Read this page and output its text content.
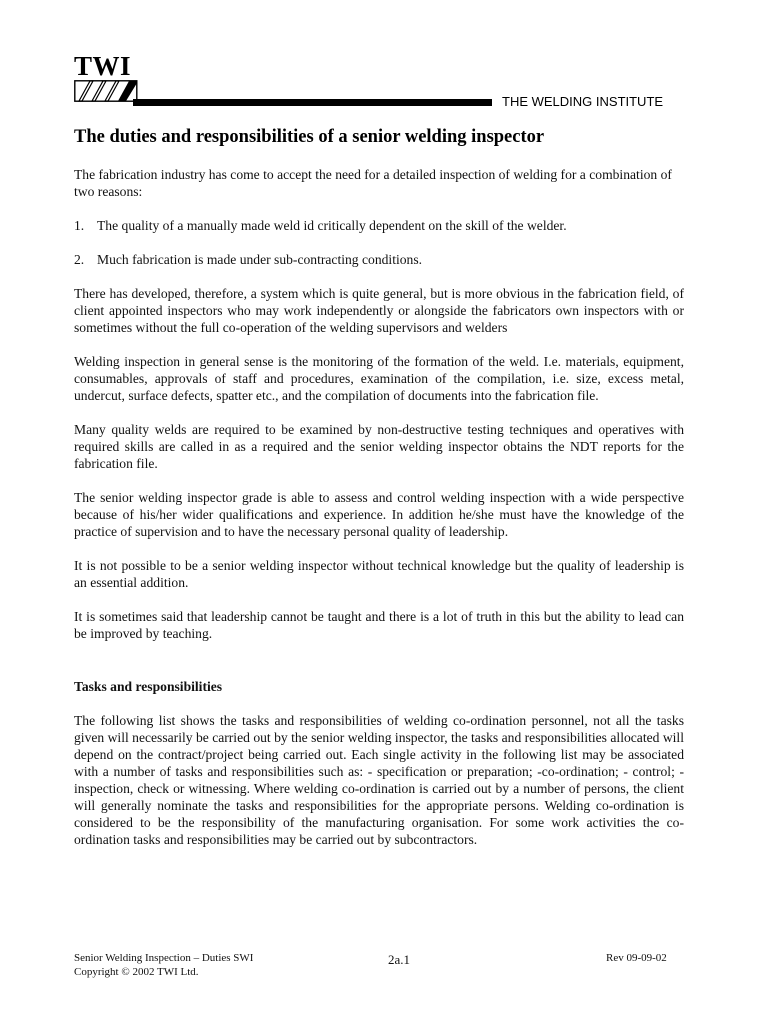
TWI
THE WELDING INSTITUTE
The duties and responsibilities of a senior welding inspector

The fabrication industry has come to accept the need for a detailed inspection of welding for a combination of two reasons:

1. The quality of a manually made weld id critically dependent on the skill of the welder.
2. Much fabrication is made under sub-contracting conditions.

There has developed, therefore, a system which is quite general, but is more obvious in the fabrication field, of client appointed inspectors who may work independently or alongside the fabricators own inspectors with or sometimes without the full co-operation of the welding supervisors and welders

Welding inspection in general sense is the monitoring of the formation of the weld. I.e. materials, equipment, consumables, approvals of staff and procedures, examination of the compilation, i.e. size, excess metal, undercut, surface defects, spatter etc., and the compilation of documents into the fabrication file.

Many quality welds are required to be examined by non-destructive testing techniques and operatives with required skills are called in as a required and the senior welding inspector obtains the NDT reports for the fabrication file.

The senior welding inspector grade is able to assess and control welding inspection with a wide perspective because of his/her wider qualifications and experience. In addition he/she must have the knowledge of the practice of supervision and to have the necessary personal quality of leadership.

It is not possible to be a senior welding inspector without technical knowledge but the quality of leadership is an essential addition.

It is sometimes said that leadership cannot be taught and there is a lot of truth in this but the ability to lead can be improved by teaching.

Tasks and responsibilities

The following list shows the tasks and responsibilities of welding co-ordination personnel, not all the tasks given will necessarily be carried out by the senior welding inspector, the tasks and responsibilities allocated will depend on the contract/project being carried out. Each single activity in the following list may be associated with a number of tasks and responsibilities such as: - specification or preparation; -co-ordination; - control; - inspection, check or witnessing. Where welding co-ordination is carried out by a number of persons, the client will generally nominate the tasks and responsibilities for the appropriate persons. Welding co-ordination is considered to be the responsibility of the manufacturing organisation. For some work activities the co-ordination tasks and responsibilities may be carried out by subcontractors.

Senior Welding Inspection – Duties SWI
Copyright © 2002 TWI Ltd.
2a.1	Rev 09-09-02
